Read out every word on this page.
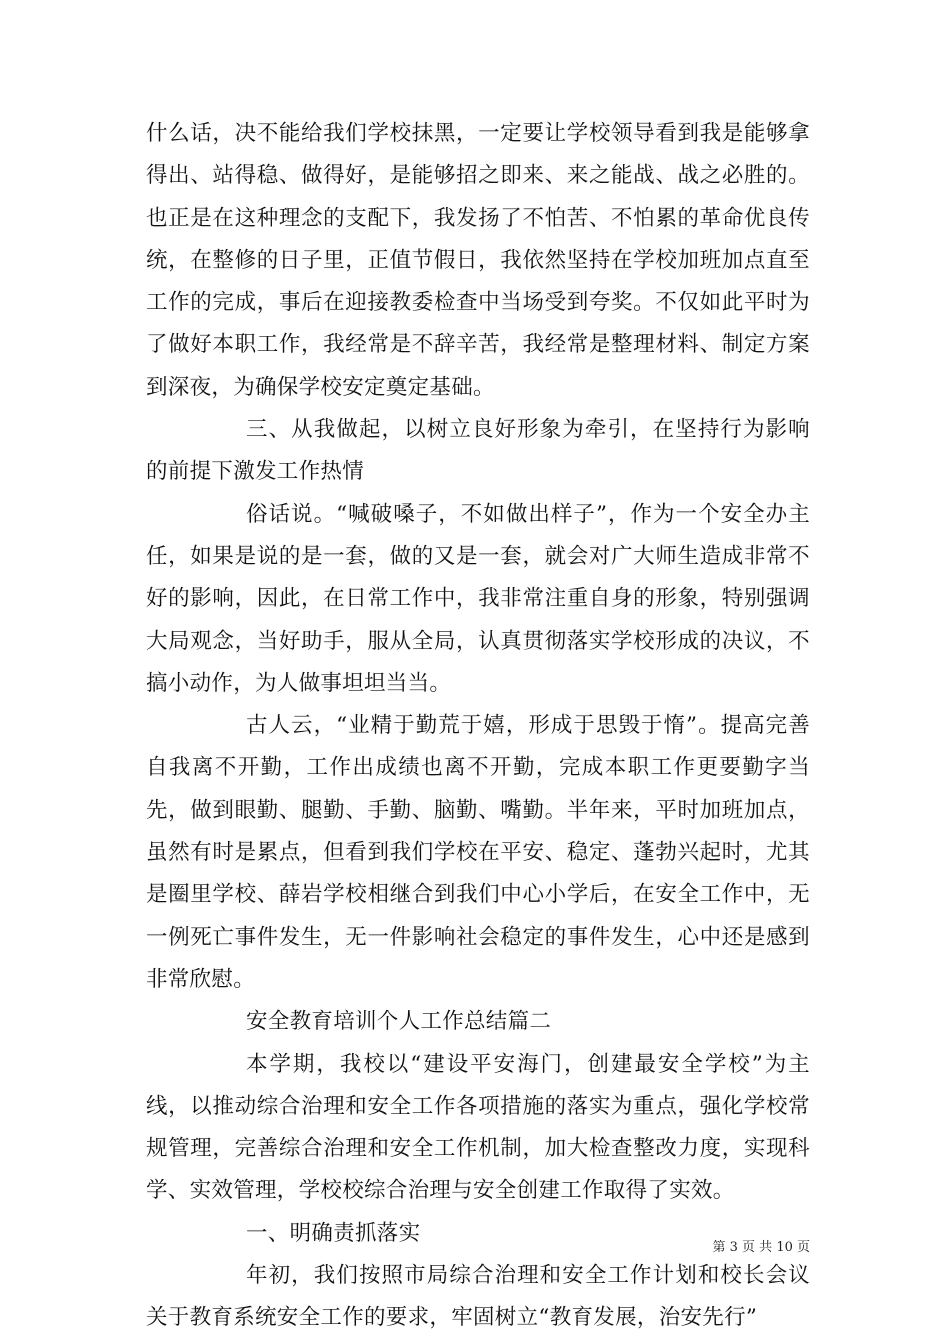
什么话，决不能给我们学校抹黑，一定要让学校领导看到我是能够拿得出、站得稳、做得好，是能够招之即来、来之能战、战之必胜的。也正是在这种理念的支配下，我发扬了不怕苦、不怕累的革命优良传统，在整修的日子里，正值节假日，我依然坚持在学校加班加点直至工作的完成，事后在迎接教委检查中当场受到夸奖。不仅如此平时为了做好本职工作，我经常是不辞辛苦，我经常是整理材料、制定方案到深夜，为确保学校安定奠定基础。

三、从我做起，以树立良好形象为牵引，在坚持行为影响的前提下激发工作热情

俗话说。“喊破嗓子，不如做出样子”，作为一个安全办主任，如果是说的是一套，做的又是一套，就会对广大师生造成非常不好的影响，因此，在日常工作中，我非常注重自身的形象，特别强调大局观念，当好助手，服从全局，认真贯彻落实学校形成的决议，不搞小动作，为人做事坦坦当当。

古人云，“业精于勤荒于嬉，形成于思毁于惰”。提高完善自我离不开勤，工作出成绩也离不开勤，完成本职工作更要勤字当先，做到眼勤、腿勤、手勤、脑勤、嘴勤。半年来，平时加班加点，虽然有时是累点，但看到我们学校在平安、稳定、蓬勃兴起时，尤其是圈里学校、薛岩学校相继合到我们中心小学后，在安全工作中，无一例死亡事件发生，无一件影响社会稳定的事件发生，心中还是感到非常欣慰。

安全教育培训个人工作总结篇二

本学期，我校以“建设平安海门，创建最安全学校”为主线，以推动综合治理和安全工作各项措施的落实为重点，强化学校常规管理，完善综合治理和安全工作机制，加大检查整改力度，实现科学、实效管理，学校校综合治理与安全创建工作取得了实效。

一、明确责抓落实

年初，我们按照市局综合治理和安全工作计划和校长会议关于教育系统安全工作的要求，牢固树立“教育发展，治安先行”

第 3 页 共 10 页
